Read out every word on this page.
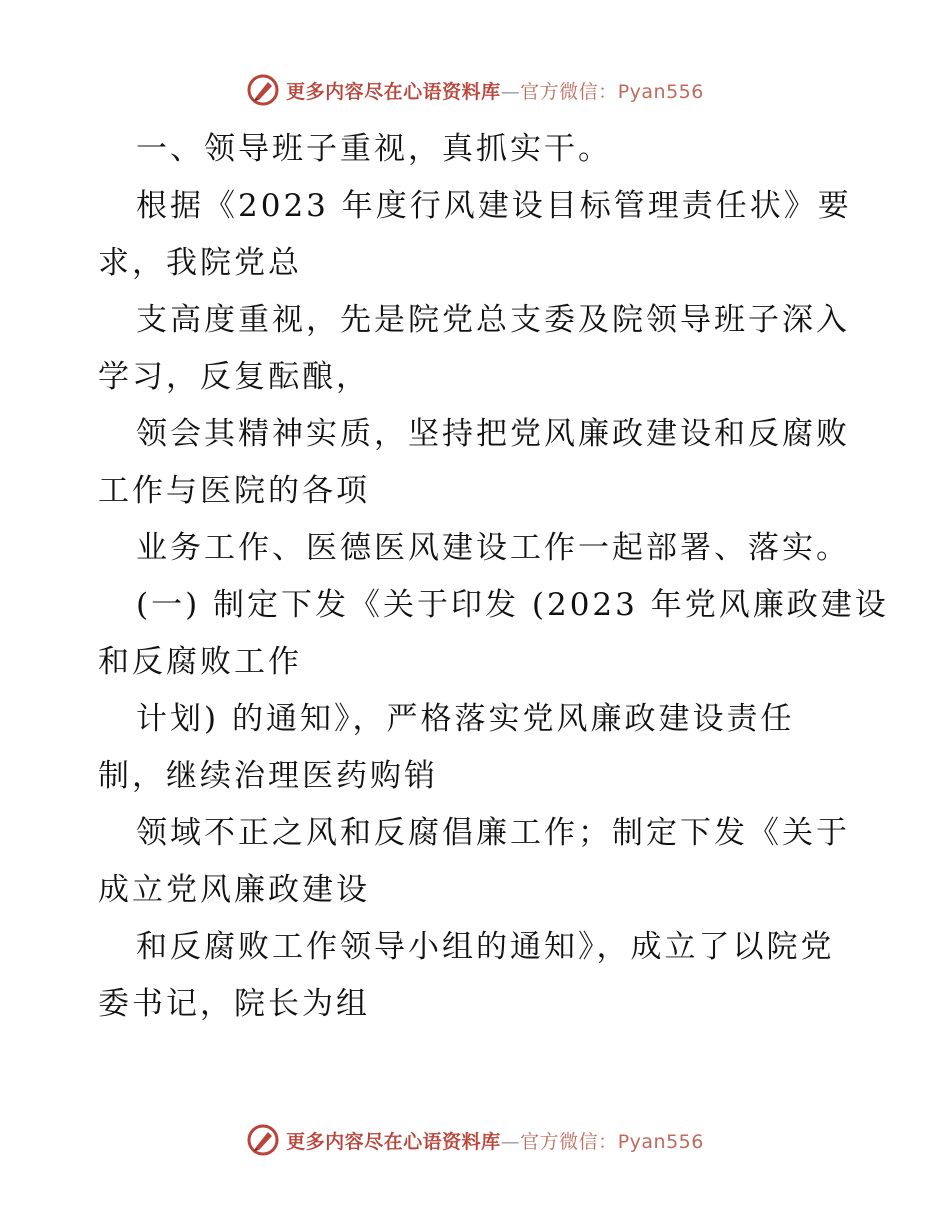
更多内容尽在心语资料库—官方微信：Pyan556
一、领导班子重视，真抓实干。
根据《2023 年度行风建设目标管理责任状》要
求，我院党总
支高度重视，先是院党总支委及院领导班子深入
学习，反复酝酿，
领会其精神实质，坚持把党风廉政建设和反腐败
工作与医院的各项
业务工作、医德医风建设工作一起部署、落实。
(一) 制定下发《关于印发 (2023 年党风廉政建设
和反腐败工作
计划) 的通知》，严格落实党风廉政建设责任
制，继续治理医药购销
领域不正之风和反腐倡廉工作；制定下发《关于
成立党风廉政建设
和反腐败工作领导小组的通知》，成立了以院党
委书记，院长为组
更多内容尽在心语资料库—官方微信：Pyan556
